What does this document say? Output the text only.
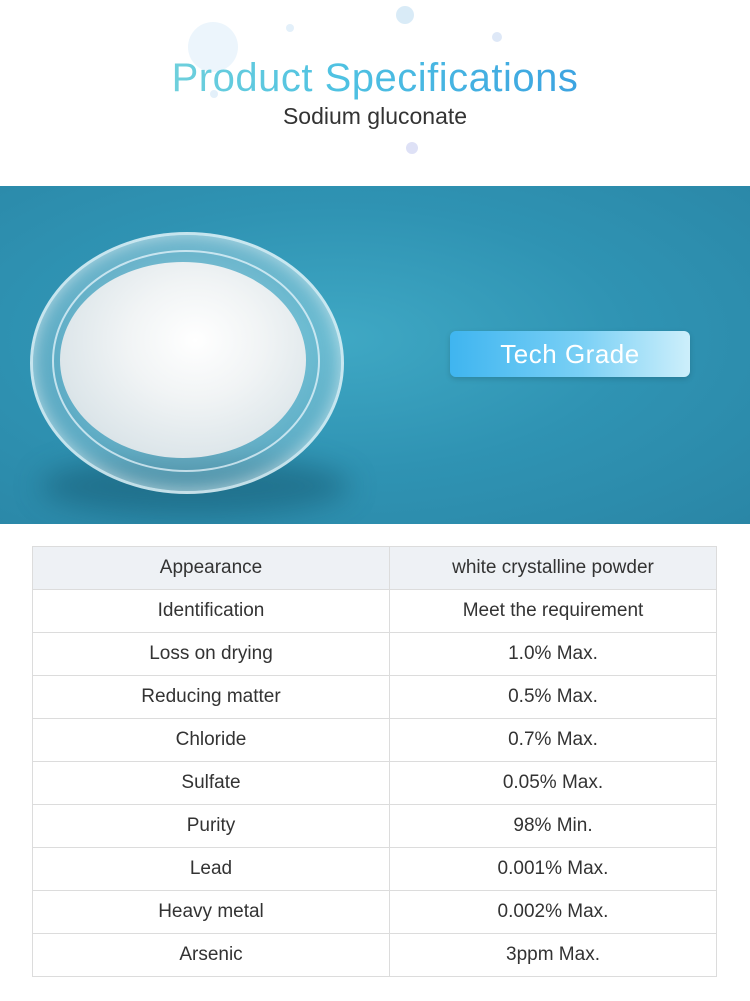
Product Specifications
Sodium gluconate
Tech Grade
Appearance	white crystalline powder
Identification	Meet the requirement
Loss on drying	1.0% Max.
Reducing matter	0.5% Max.
Chloride	0.7% Max.
Sulfate	0.05% Max.
Purity	98% Min.
Lead	0.001% Max.
Heavy metal	0.002% Max.
Arsenic	3ppm Max.
